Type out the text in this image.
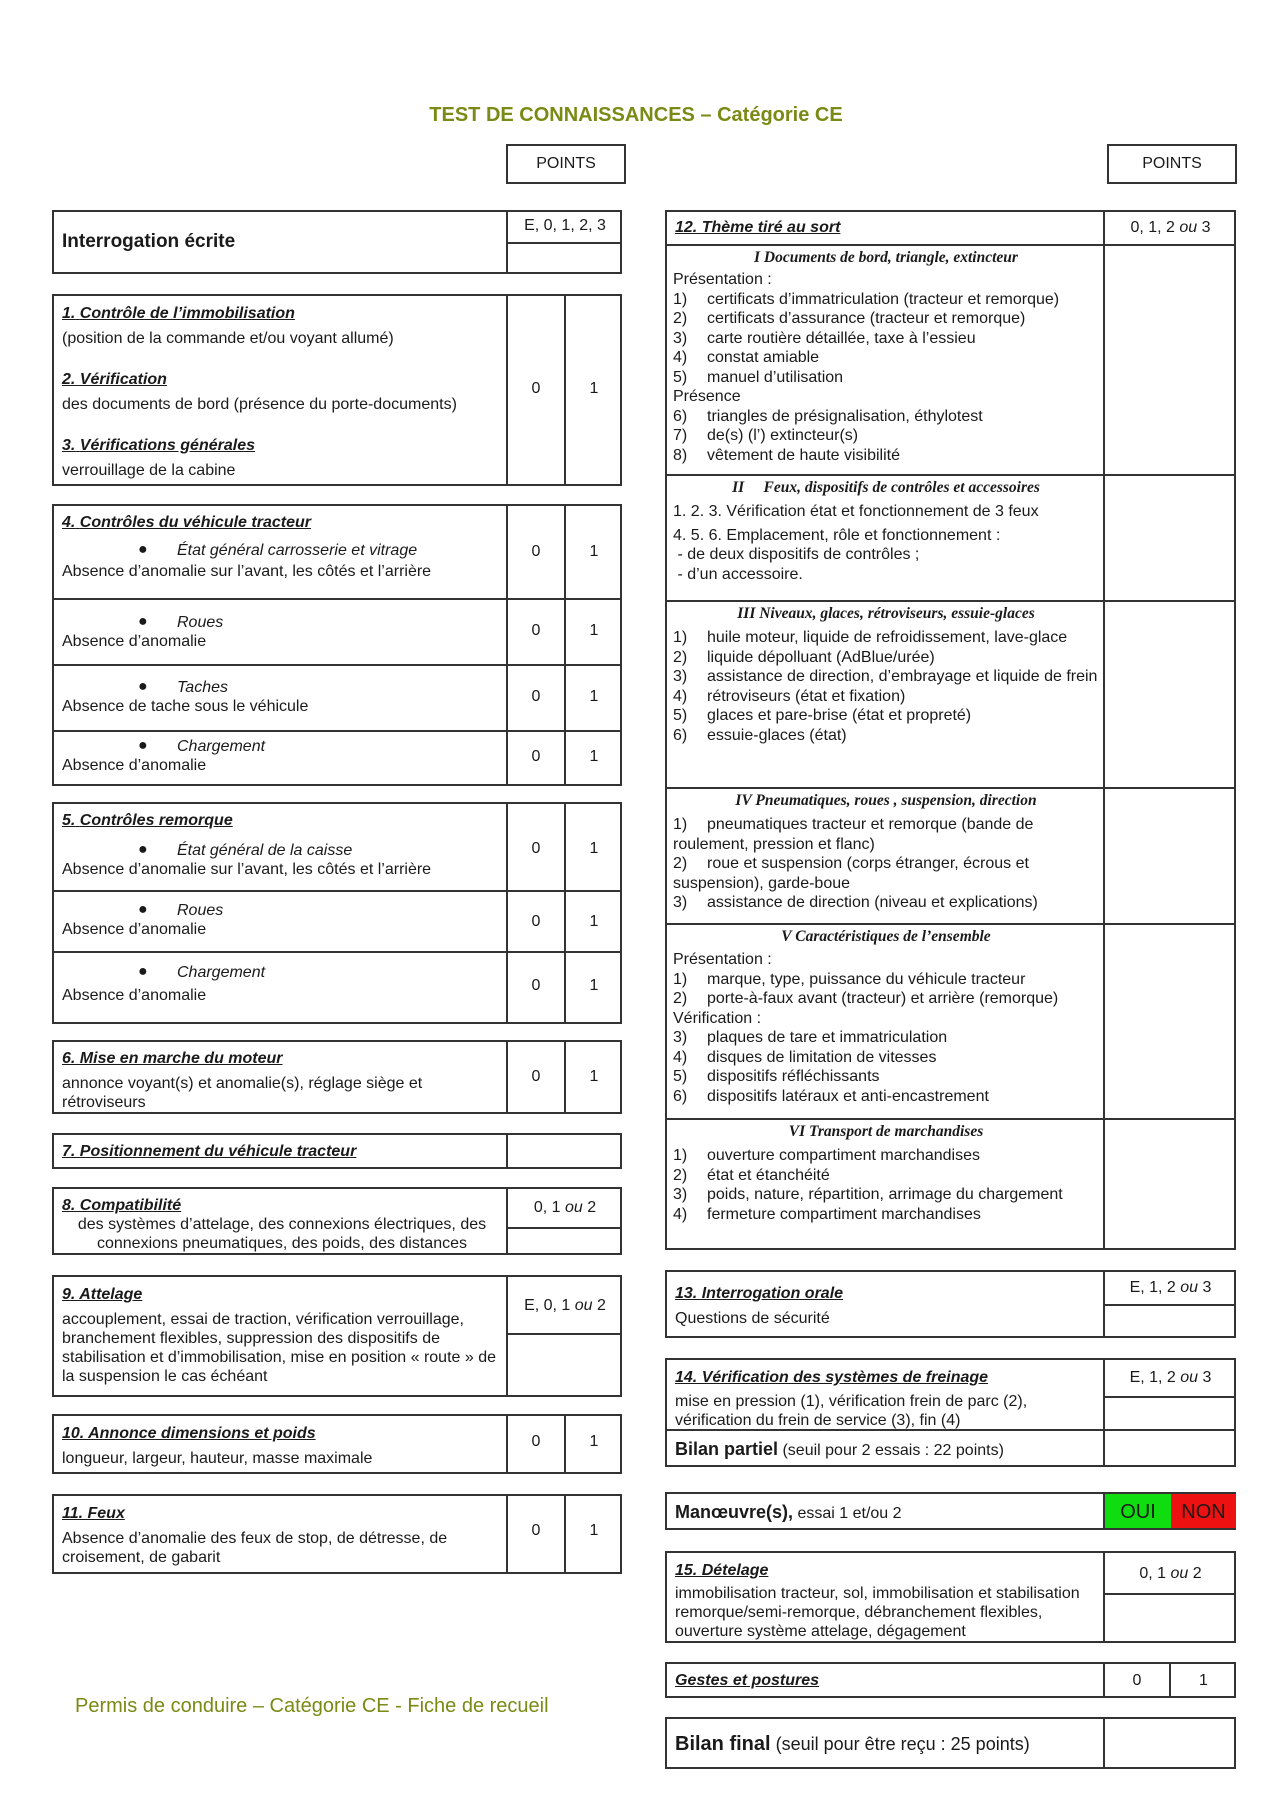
TEST DE CONNAISSANCES – Catégorie CE
POINTS	POINTS
Interrogation écrite
E, 0, 1, 2, 3
1. Contrôle de l’immobilisation
(position de la commande et/ou voyant allumé)
2. Vérification
des documents de bord (présence du porte-documents)
3. Vérifications générales
verrouillage de la cabine
0	1
4. Contrôles du véhicule tracteur
● État général carrosserie et vitrage
Absence d’anomalie sur l’avant, les côtés et l’arrière
0	1
● Roues
Absence d’anomalie
0	1
● Taches
Absence de tache sous le véhicule
0	1
● Chargement
Absence d’anomalie
0	1
5. Contrôles remorque
● État général de la caisse
Absence d’anomalie sur l’avant, les côtés et l’arrière
0	1
● Roues
Absence d’anomalie	0	1
● Chargement
Absence d’anomalie
0	1
6. Mise en marche du moteur
annonce voyant(s) et anomalie(s), réglage siège et rétroviseurs
0	1
7. Positionnement du véhicule tracteur
8. Compatibilité
des systèmes d’attelage, des connexions électriques, des connexions pneumatiques, des poids, des distances
0, 1 ou 2
9. Attelage
accouplement, essai de traction, vérification verrouillage, branchement flexibles, suppression des dispositifs de stabilisation et d’immobilisation, mise en position « route » de la suspension le cas échéant
E, 0, 1 ou 2
10. Annonce dimensions et poids
longueur, largeur, hauteur, masse maximale
0	1
11. Feux
Absence d’anomalie des feux de stop, de détresse, de croisement, de gabarit
0	1
Permis de conduire – Catégorie CE - Fiche de recueil
12. Thème tiré au sort	0, 1, 2 ou 3
I Documents de bord, triangle, extincteur
Présentation :
1) certificats d’immatriculation (tracteur et remorque)
2) certificats d’assurance (tracteur et remorque)
3) carte routière détaillée, taxe à l’essieu
4) constat amiable
5) manuel d’utilisation
Présence
6) triangles de présignalisation, éthylotest
7) de(s) (l’) extincteur(s)
8) vêtement de haute visibilité
II     Feux, dispositifs de contrôles et accessoires
1. 2. 3. Vérification état et fonctionnement de 3 feux
4. 5. 6. Emplacement, rôle et fonctionnement :
- de deux dispositifs de contrôles ;
- d’un accessoire.
III Niveaux, glaces, rétroviseurs, essuie-glaces
1) huile moteur, liquide de refroidissement, lave-glace
2) liquide dépolluant (AdBlue/urée)
3) assistance de direction, d’embrayage et liquide de frein
4) rétroviseurs (état et fixation)
5) glaces et pare-brise (état et propreté)
6) essuie-glaces (état)
IV Pneumatiques, roues , suspension, direction
1) pneumatiques tracteur et remorque (bande de roulement, pression et flanc)
2) roue et suspension (corps étranger, écrous et suspension), garde-boue
3) assistance de direction (niveau et explications)
V Caractéristiques de l’ensemble
Présentation :
1) marque, type, puissance du véhicule tracteur
2) porte-à-faux avant (tracteur) et arrière (remorque)
Vérification :
3) plaques de tare et immatriculation
4) disques de limitation de vitesses
5) dispositifs réfléchissants
6) dispositifs latéraux et anti-encastrement
VI Transport de marchandises
1) ouverture compartiment marchandises
2) état et étanchéité
3) poids, nature, répartition, arrimage du chargement
4) fermeture compartiment marchandises
13. Interrogation orale
Questions de sécurité
E, 1, 2 ou 3
14. Vérification des systèmes de freinage
mise en pression (1), vérification frein de parc (2), vérification du frein de service (3), fin (4)
E, 1, 2 ou 3
Bilan partiel (seuil pour 2 essais : 22 points)
Manœuvre(s), essai 1 et/ou 2	OUI	NON
15. Dételage
immobilisation tracteur, sol, immobilisation et stabilisation remorque/semi-remorque, débranchement flexibles, ouverture système attelage, dégagement
0, 1 ou 2
Gestes et postures	0	1
Bilan final (seuil pour être reçu : 25 points)
